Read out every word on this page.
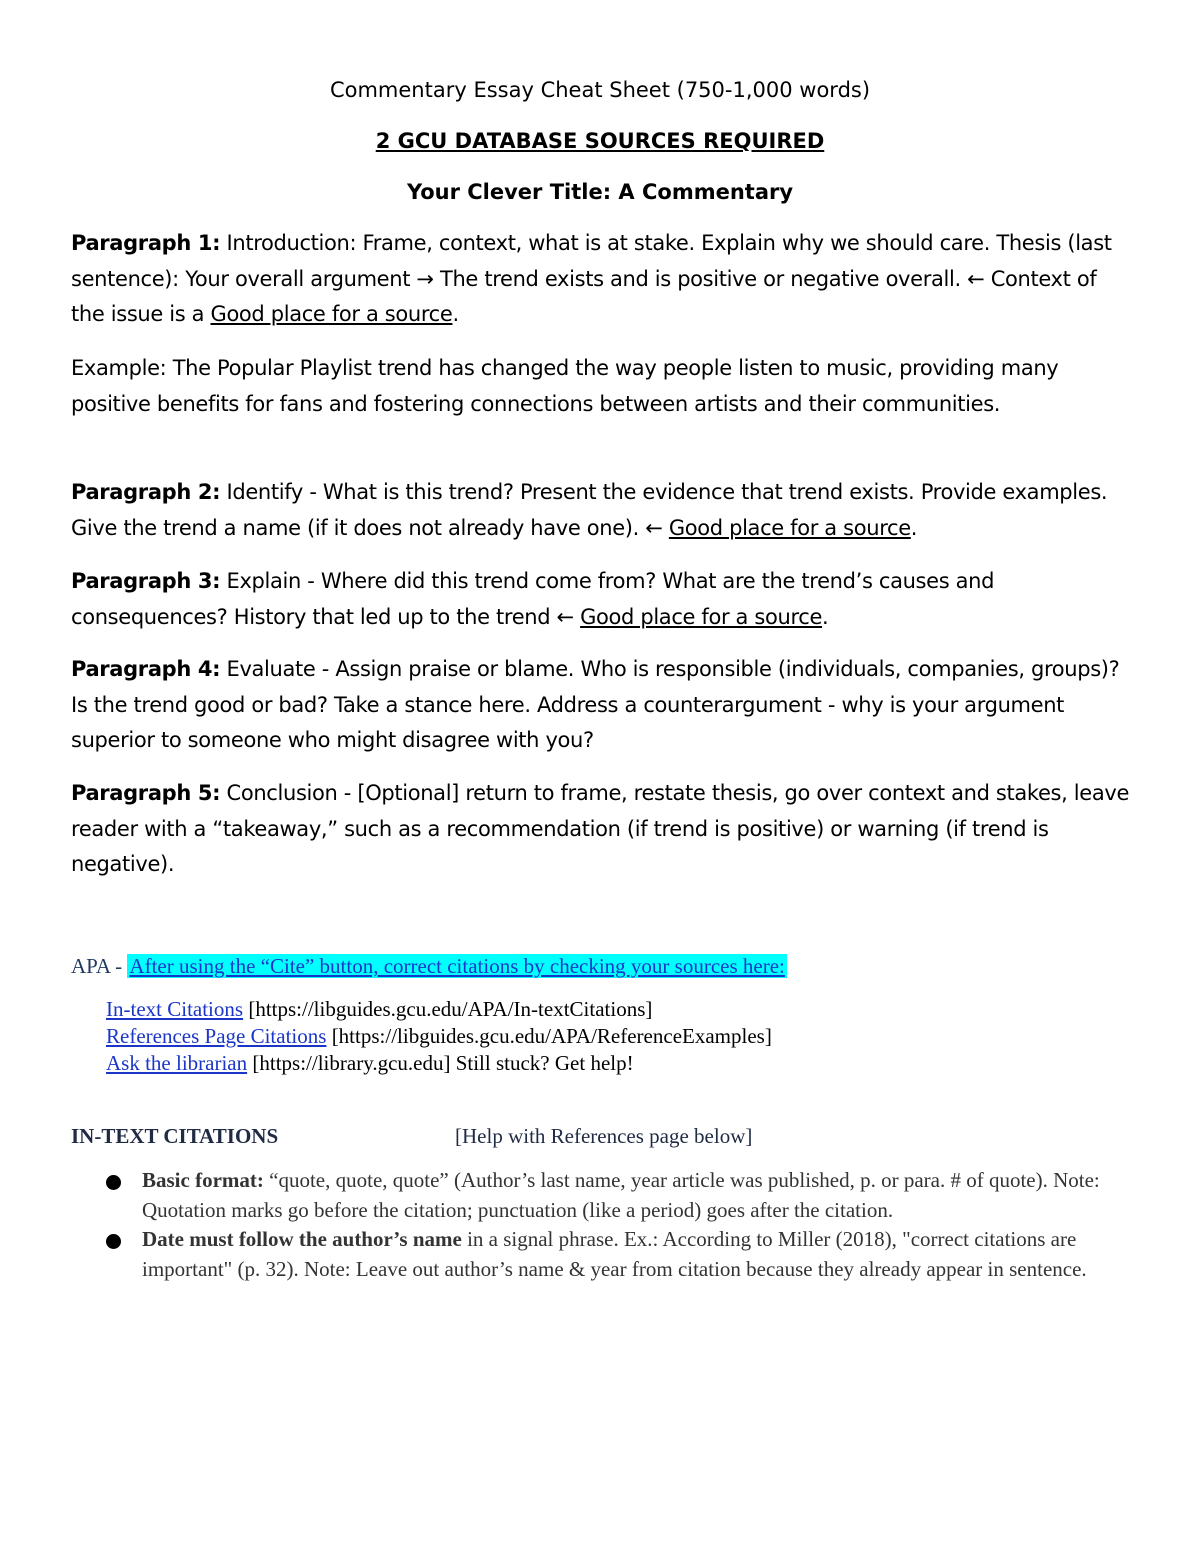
Commentary Essay Cheat Sheet (750-1,000 words)
2 GCU DATABASE SOURCES REQUIRED
Your Clever Title: A Commentary
Paragraph 1: Introduction: Frame, context, what is at stake. Explain why we should care. Thesis (last sentence): Your overall argument → The trend exists and is positive or negative overall. ← Context of the issue is a Good place for a source.
Example: The Popular Playlist trend has changed the way people listen to music, providing many positive benefits for fans and fostering connections between artists and their communities.
Paragraph 2: Identify - What is this trend? Present the evidence that trend exists. Provide examples. Give the trend a name (if it does not already have one). ← Good place for a source.
Paragraph 3: Explain - Where did this trend come from? What are the trend’s causes and consequences? History that led up to the trend ← Good place for a source.
Paragraph 4: Evaluate - Assign praise or blame. Who is responsible (individuals, companies, groups)? Is the trend good or bad? Take a stance here. Address a counterargument - why is your argument superior to someone who might disagree with you?
Paragraph 5: Conclusion - [Optional] return to frame, restate thesis, go over context and stakes, leave reader with a “takeaway,” such as a recommendation (if trend is positive) or warning (if trend is negative).
APA - After using the “Cite” button, correct citations by checking your sources here:
In-text Citations [https://libguides.gcu.edu/APA/In-textCitations]
References Page Citations [https://libguides.gcu.edu/APA/ReferenceExamples]
Ask the librarian [https://library.gcu.edu] Still stuck? Get help!
IN-TEXT CITATIONS	[Help with References page below]
Basic format: “quote, quote, quote” (Author’s last name, year article was published, p. or para. # of quote). Note: Quotation marks go before the citation; punctuation (like a period) goes after the citation.
Date must follow the author’s name in a signal phrase. Ex.: According to Miller (2018), "correct citations are important" (p. 32). Note: Leave out author’s name & year from citation because they already appear in sentence.
